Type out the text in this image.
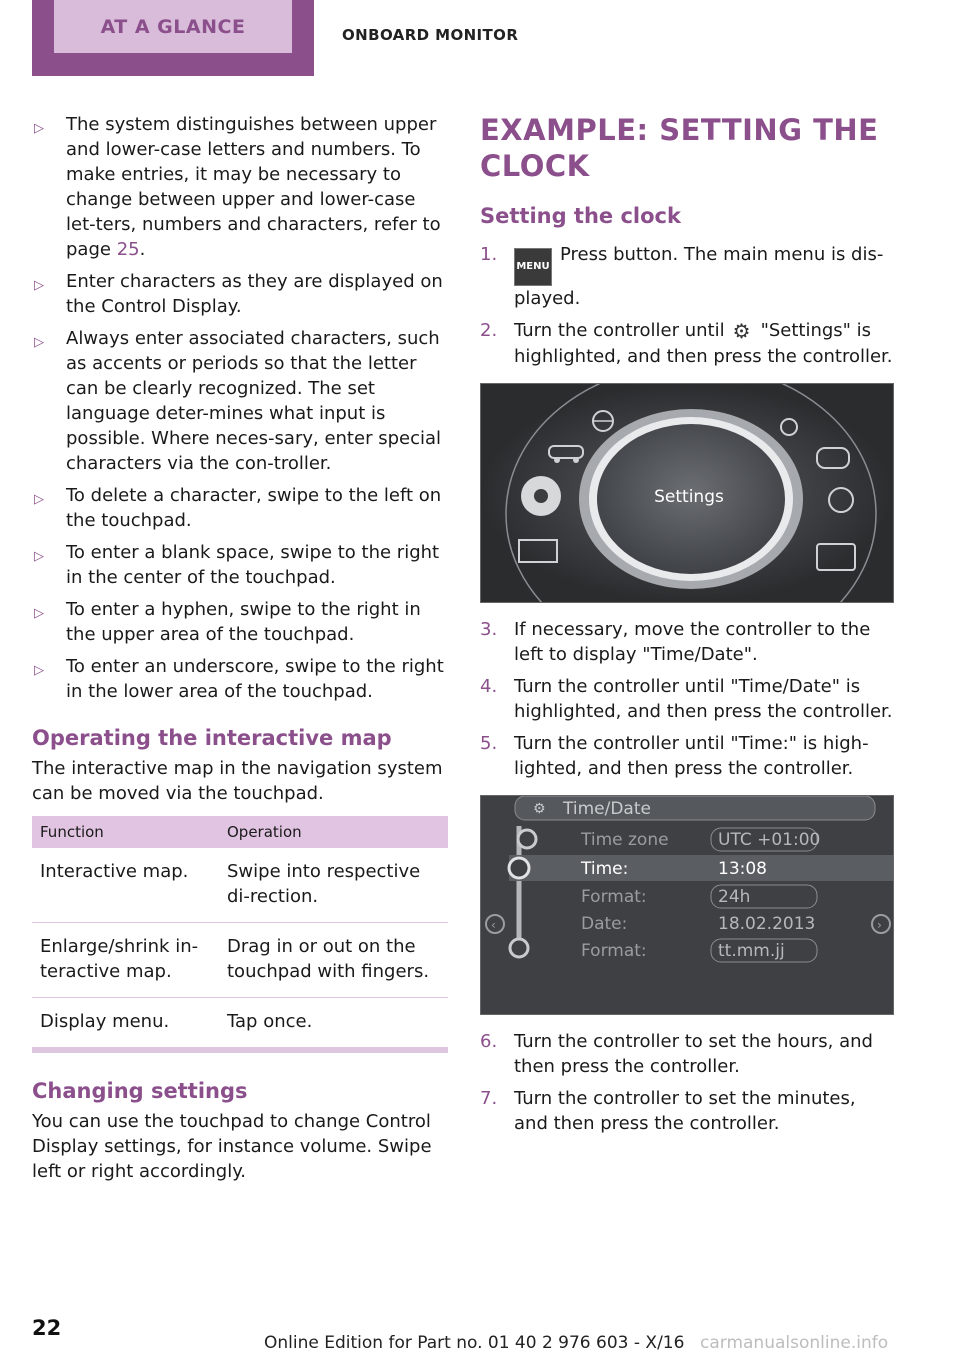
AT A GLANCE	ONBOARD MONITOR
▷ The system distinguishes between upper and lower-case letters and numbers. To make entries, it may be necessary to change between upper and lower-case let-ters, numbers and characters, refer to page 25.
▷ Enter characters as they are displayed on the Control Display.
▷ Always enter associated characters, such as accents or periods so that the letter can be clearly recognized. The set language deter-mines what input is possible. Where neces-sary, enter special characters via the con-troller.
▷ To delete a character, swipe to the left on the touchpad.
▷ To enter a blank space, swipe to the right in the center of the touchpad.
▷ To enter a hyphen, swipe to the right in the upper area of the touchpad.
▷ To enter an underscore, swipe to the right in the lower area of the touchpad.
Operating the interactive map

The interactive map in the navigation system can be moved via the touchpad.

Function	Operation
Interactive map.	Swipe into respective di-rection.
Enlarge/shrink in-teractive map.	Drag in or out on the touchpad with fingers.
Display menu.	Tap once.
Changing settings

You can use the touchpad to change Control Display settings, for instance volume. Swipe left or right accordingly.

EXAMPLE: SETTING THE CLOCK
Setting the clock
1.
MENUPress button. The main menu is dis-played.
2. Turn the controller until ⚙ "Settings" is highlighted, and then press the controller.
Settings
3. If necessary, move the controller to the left to display "Time/Date".
4. Turn the controller until "Time/Date" is highlighted, and then press the controller.
5. Turn the controller until "Time:" is high-lighted, and then press the controller.
⚙ Time/Date
‹	›
Time zone	UTC +01:00
Time:	13:08
Format:	24h
Date:	18.02.2013
Format:	tt.mm.jj
6. Turn the controller to set the hours, and then press the controller.
7. Turn the controller to set the minutes, and then press the controller.
22
Online Edition for Part no. 01 40 2 976 603 - X/16 carmanualsonline.info
